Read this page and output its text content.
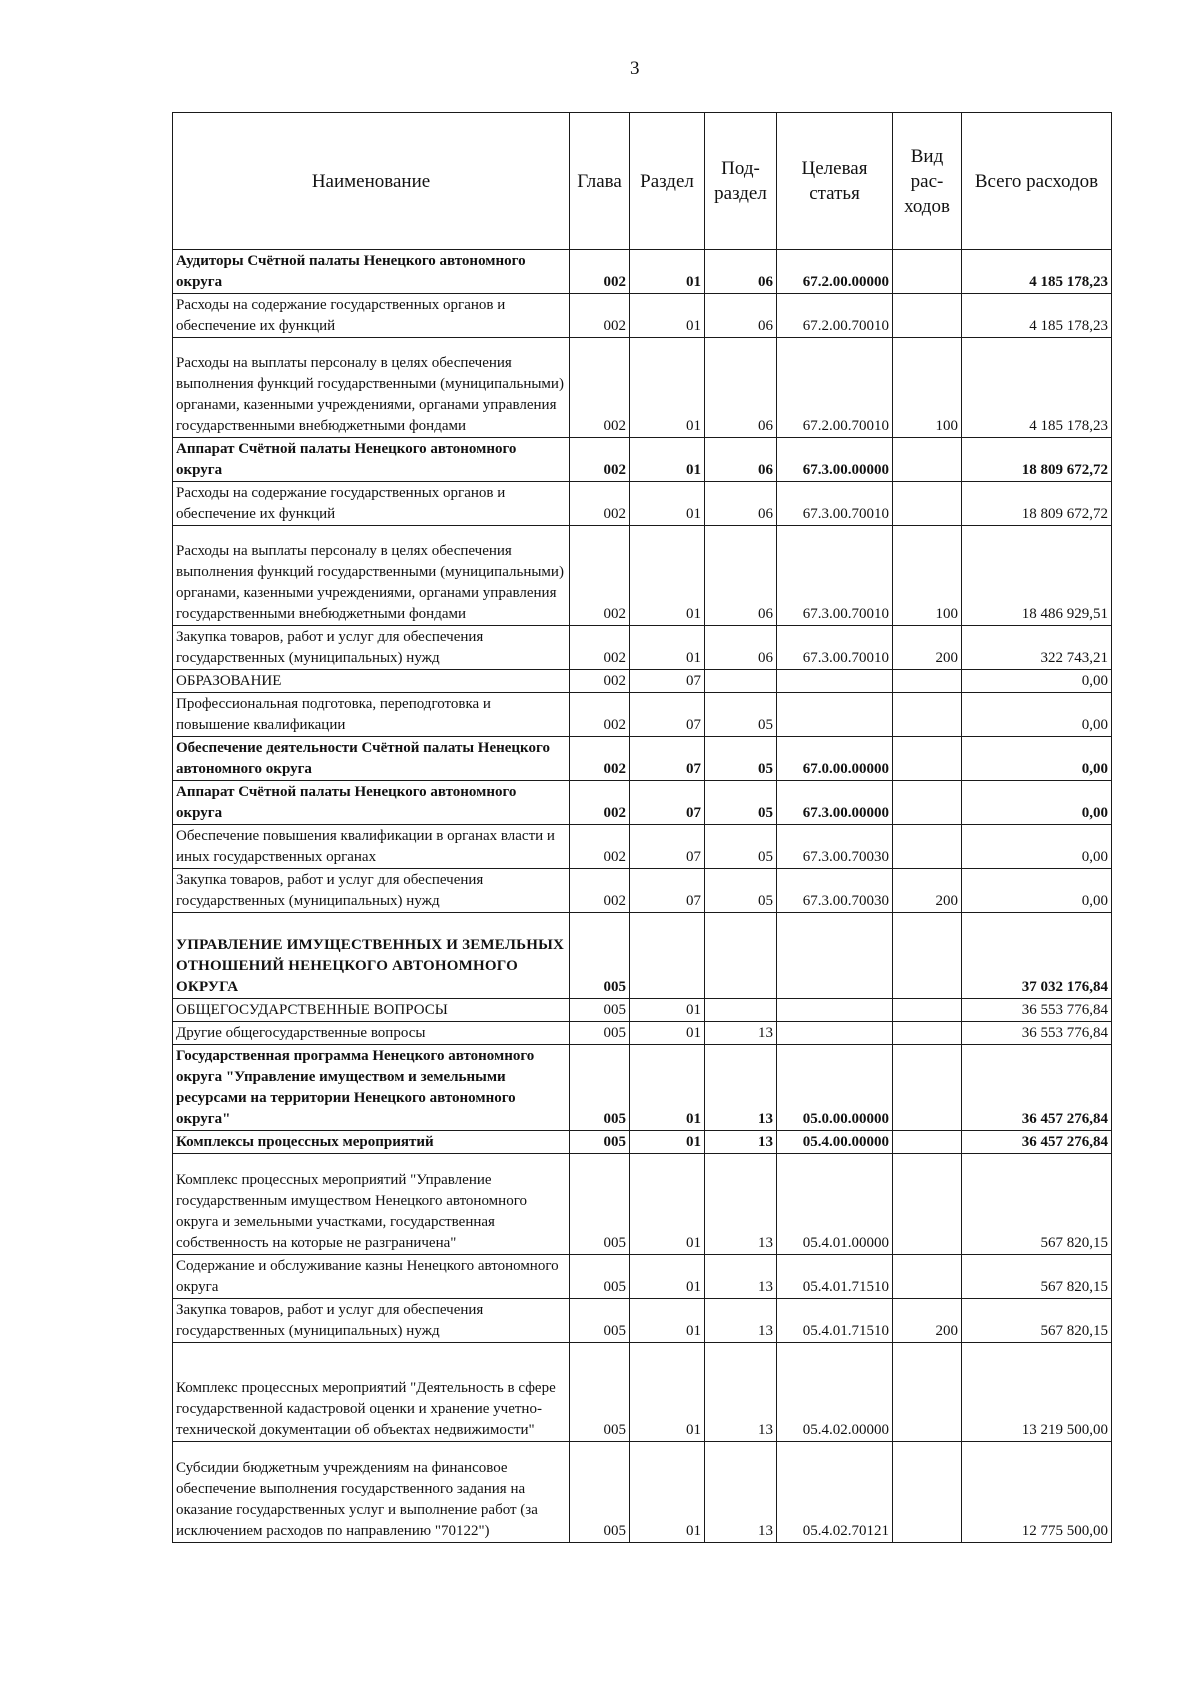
3
Наименование	Глава	Раздел	Под-раздел	Целевая статья	Вид рас-ходов	Всего расходов
Аудиторы Счётной палаты Ненецкого автономного округа	002	01	06	67.2.00.00000		4 185 178,23
Расходы на содержание государственных органов и обеспечение их функций	002	01	06	67.2.00.70010		4 185 178,23
Расходы на выплаты персоналу в целях обеспечения выполнения функций государственными (муниципальными) органами, казенными учреждениями, органами управления государственными внебюджетными фондами	002	01	06	67.2.00.70010	100	4 185 178,23
Аппарат Счётной палаты Ненецкого автономного округа	002	01	06	67.3.00.00000		18 809 672,72
Расходы на содержание государственных органов и обеспечение их функций	002	01	06	67.3.00.70010		18 809 672,72
Расходы на выплаты персоналу в целях обеспечения выполнения функций государственными (муниципальными) органами, казенными учреждениями, органами управления государственными внебюджетными фондами	002	01	06	67.3.00.70010	100	18 486 929,51
Закупка товаров, работ и услуг для обеспечения государственных (муниципальных) нужд	002	01	06	67.3.00.70010	200	322 743,21
ОБРАЗОВАНИЕ	002	07				0,00
Профессиональная подготовка, переподготовка и повышение квалификации	002	07	05			0,00
Обеспечение деятельности Счётной палаты Ненецкого автономного округа	002	07	05	67.0.00.00000		0,00
Аппарат Счётной палаты Ненецкого автономного округа	002	07	05	67.3.00.00000		0,00
Обеспечение повышения квалификации в органах власти и иных государственных органах	002	07	05	67.3.00.70030		0,00
Закупка товаров, работ и услуг для обеспечения государственных (муниципальных) нужд	002	07	05	67.3.00.70030	200	0,00
УПРАВЛЕНИЕ ИМУЩЕСТВЕННЫХ И ЗЕМЕЛЬНЫХ ОТНОШЕНИЙ НЕНЕЦКОГО АВТОНОМНОГО ОКРУГА	005					37 032 176,84
ОБЩЕГОСУДАРСТВЕННЫЕ ВОПРОСЫ	005	01				36 553 776,84
Другие общегосударственные вопросы	005	01	13			36 553 776,84
Государственная программа Ненецкого автономного округа "Управление имуществом и земельными ресурсами на территории Ненецкого автономного округа"	005	01	13	05.0.00.00000		36 457 276,84
Комплексы процессных мероприятий	005	01	13	05.4.00.00000		36 457 276,84
Комплекс процессных мероприятий "Управление государственным имуществом Ненецкого автономного округа и земельными участками, государственная собственность на которые не разграничена"	005	01	13	05.4.01.00000		567 820,15
Содержание и обслуживание казны Ненецкого автономного округа	005	01	13	05.4.01.71510		567 820,15
Закупка товаров, работ и услуг для обеспечения государственных (муниципальных) нужд	005	01	13	05.4.01.71510	200	567 820,15
Комплекс процессных мероприятий "Деятельность в сфере государственной кадастровой оценки и хранение учетно-технической документации об объектах недвижимости"	005	01	13	05.4.02.00000		13 219 500,00
Субсидии бюджетным учреждениям на финансовое обеспечение выполнения государственного задания на оказание государственных услуг и выполнение работ (за исключением расходов по направлению "70122")	005	01	13	05.4.02.70121		12 775 500,00
